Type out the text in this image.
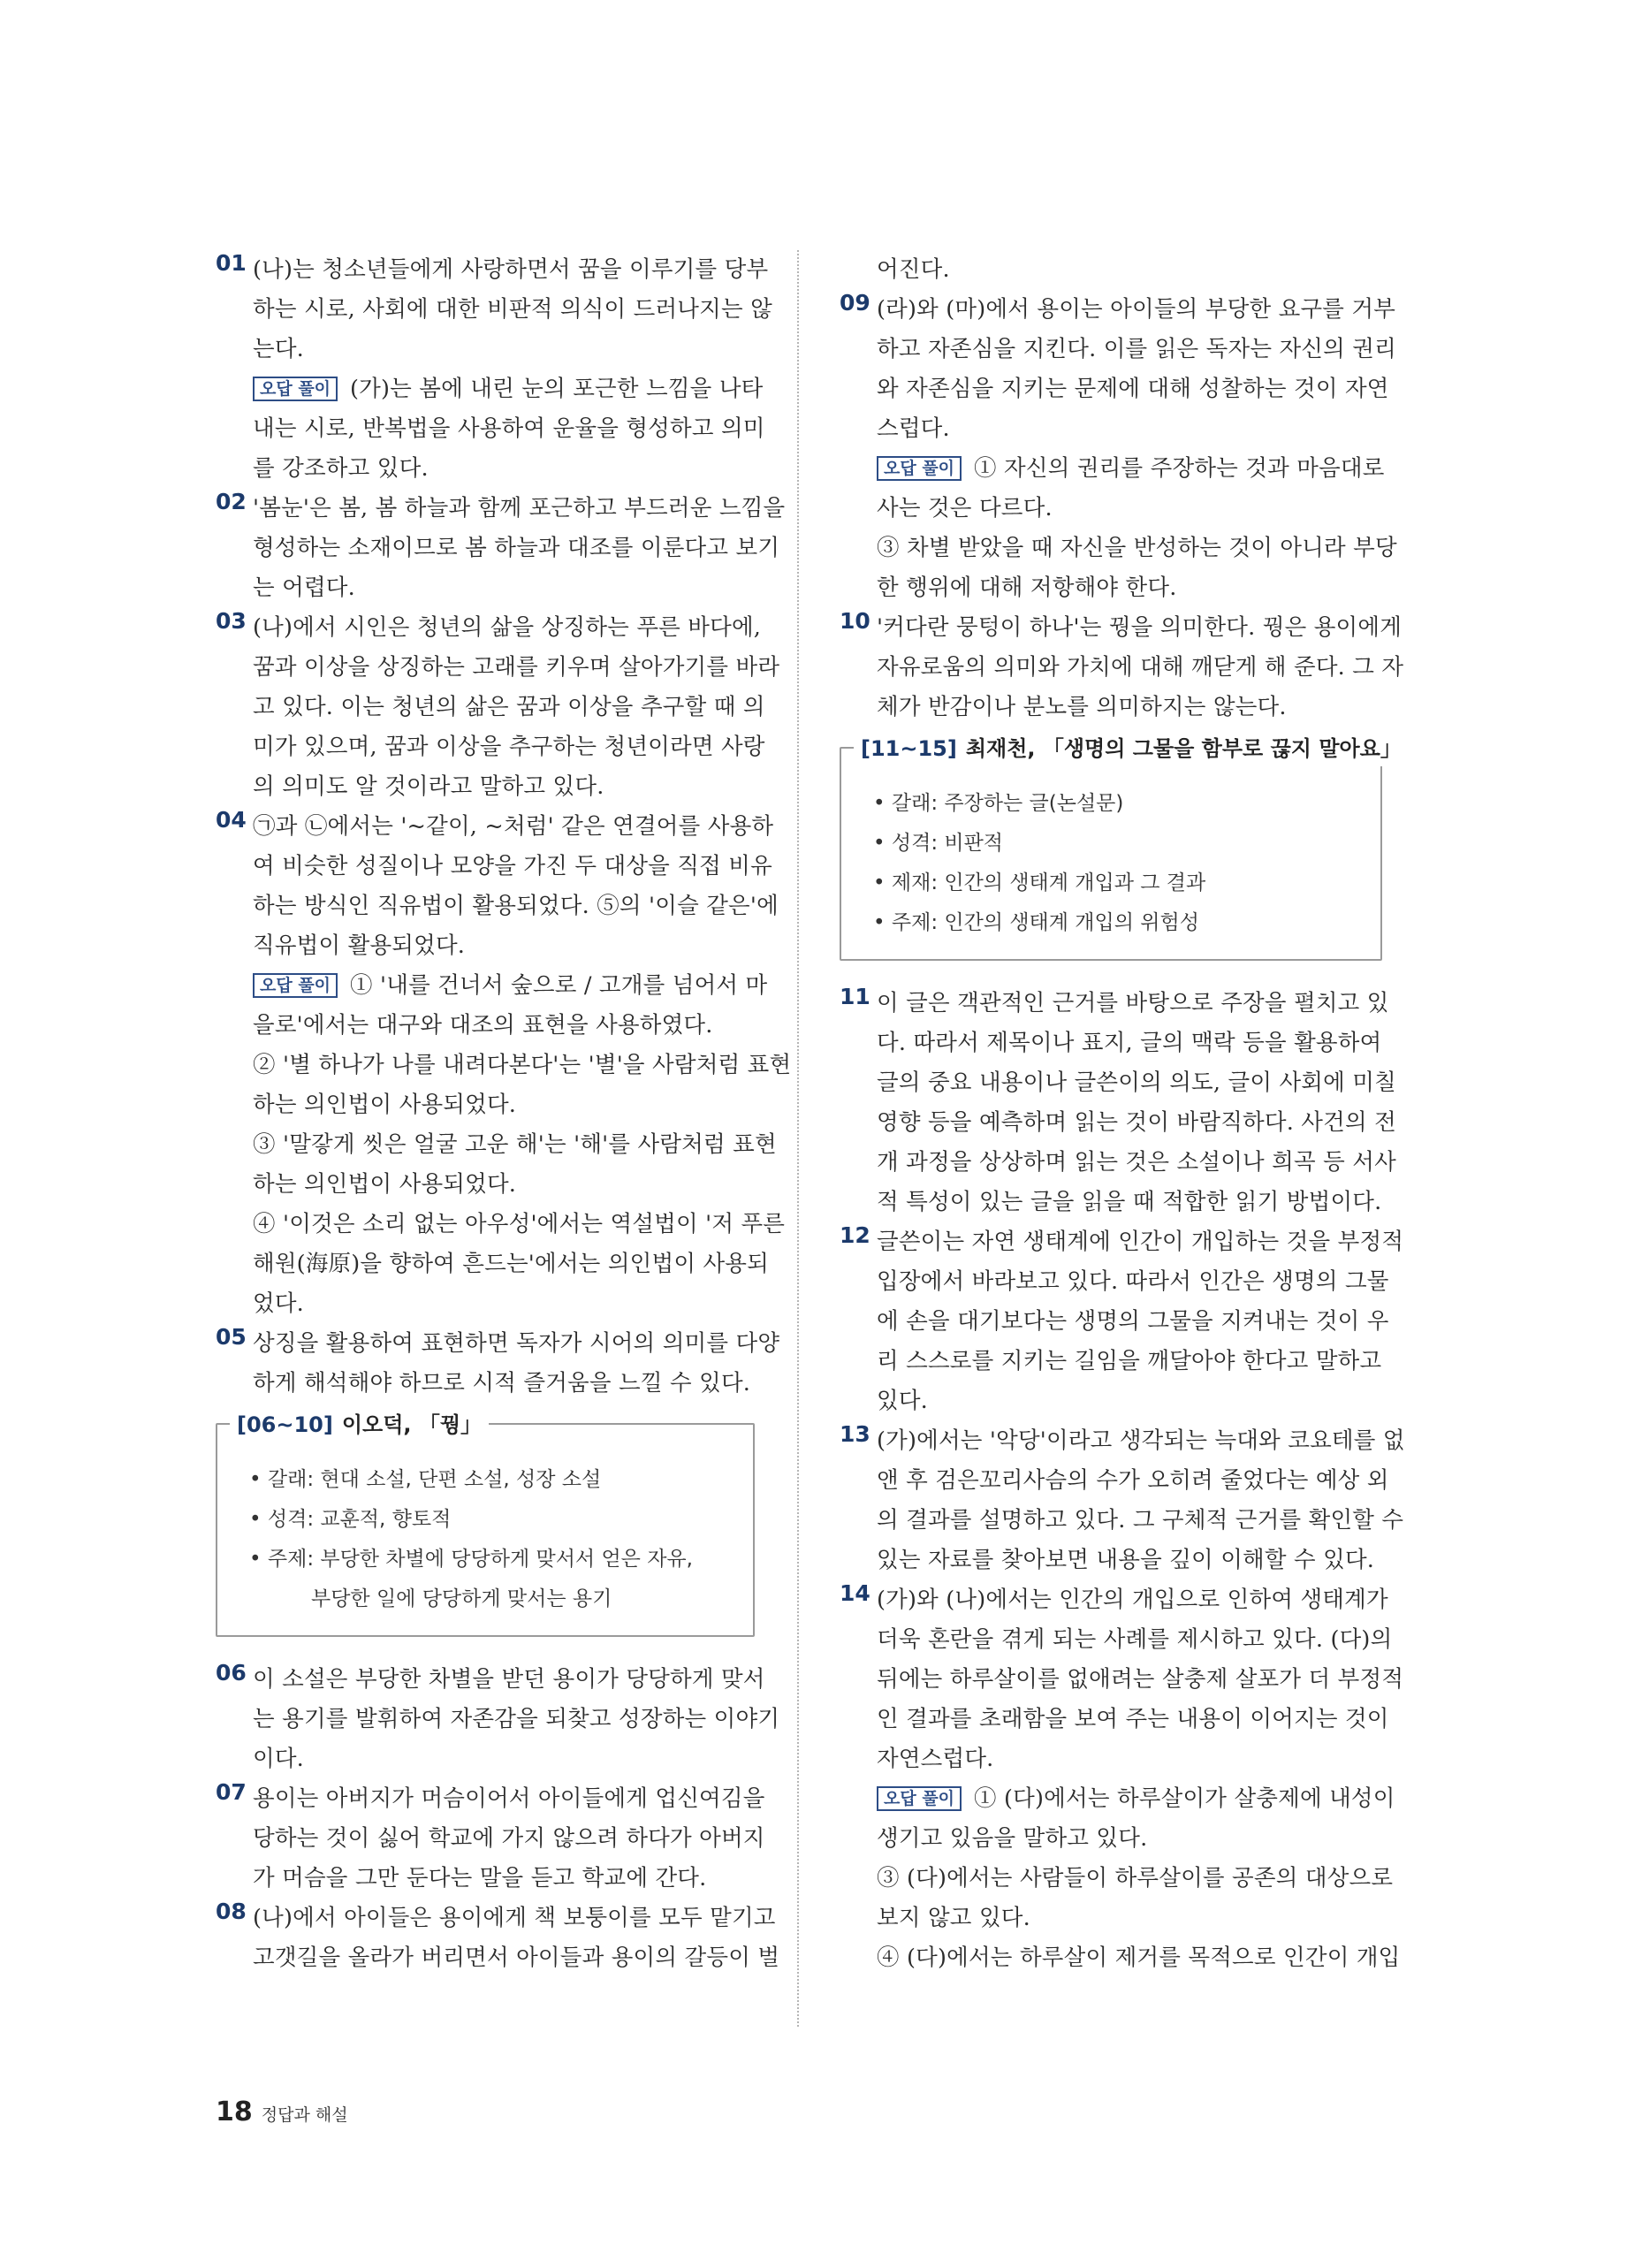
01 (나)는 청소년들에게 사랑하면서 꿈을 이루기를 당부
하는 시로, 사회에 대한 비판적 의식이 드러나지는 않
는다.
오답 풀이 (가)는 봄에 내린 눈의 포근한 느낌을 나타
내는 시로, 반복법을 사용하여 운율을 형성하고 의미
를 강조하고 있다.
02 '봄눈'은 봄, 봄 하늘과 함께 포근하고 부드러운 느낌을
형성하는 소재이므로 봄 하늘과 대조를 이룬다고 보기
는 어렵다.
03 (나)에서 시인은 청년의 삶을 상징하는 푸른 바다에,
꿈과 이상을 상징하는 고래를 키우며 살아가기를 바라
고 있다. 이는 청년의 삶은 꿈과 이상을 추구할 때 의
미가 있으며, 꿈과 이상을 추구하는 청년이라면 사랑
의 의미도 알 것이라고 말하고 있다.
04 ㉠과 ㉡에서는 '~같이, ~처럼' 같은 연결어를 사용하
여 비슷한 성질이나 모양을 가진 두 대상을 직접 비유
하는 방식인 직유법이 활용되었다. ⑤의 '이슬 같은'에
직유법이 활용되었다.
오답 풀이 ① '내를 건너서 숲으로 / 고개를 넘어서 마
을로'에서는 대구와 대조의 표현을 사용하였다.
② '별 하나가 나를 내려다본다'는 '별'을 사람처럼 표현
하는 의인법이 사용되었다.
③ '말갛게 씻은 얼굴 고운 해'는 '해'를 사람처럼 표현
하는 의인법이 사용되었다.
④ '이것은 소리 없는 아우성'에서는 역설법이 '저 푸른
해원(海原)을 향하여 흔드는'에서는 의인법이 사용되
었다.
05 상징을 활용하여 표현하면 독자가 시어의 의미를 다양
하게 해석해야 하므로 시적 즐거움을 느낄 수 있다.
[06~10] 이오덕, 「꿩」
• 갈래: 현대 소설, 단편 소설, 성장 소설
• 성격: 교훈적, 향토적
• 주제: 부당한 차별에 당당하게 맞서서 얻은 자유,
부당한 일에 당당하게 맞서는 용기
06 이 소설은 부당한 차별을 받던 용이가 당당하게 맞서
는 용기를 발휘하여 자존감을 되찾고 성장하는 이야기
이다.
07 용이는 아버지가 머슴이어서 아이들에게 업신여김을
당하는 것이 싫어 학교에 가지 않으려 하다가 아버지
가 머슴을 그만 둔다는 말을 듣고 학교에 간다.
08 (나)에서 아이들은 용이에게 책 보퉁이를 모두 맡기고
고갯길을 올라가 버리면서 아이들과 용이의 갈등이 벌
어진다.
09 (라)와 (마)에서 용이는 아이들의 부당한 요구를 거부
하고 자존심을 지킨다. 이를 읽은 독자는 자신의 권리
와 자존심을 지키는 문제에 대해 성찰하는 것이 자연
스럽다.
오답 풀이 ① 자신의 권리를 주장하는 것과 마음대로
사는 것은 다르다.
③ 차별 받았을 때 자신을 반성하는 것이 아니라 부당
한 행위에 대해 저항해야 한다.
10 '커다란 뭉텅이 하나'는 꿩을 의미한다. 꿩은 용이에게
자유로움의 의미와 가치에 대해 깨닫게 해 준다. 그 자
체가 반감이나 분노를 의미하지는 않는다.
[11~15] 최재천, 「생명의 그물을 함부로 끊지 말아요」
• 갈래: 주장하는 글(논설문)
• 성격: 비판적
• 제재: 인간의 생태계 개입과 그 결과
• 주제: 인간의 생태계 개입의 위험성
11 이 글은 객관적인 근거를 바탕으로 주장을 펼치고 있
다. 따라서 제목이나 표지, 글의 맥락 등을 활용하여
글의 중요 내용이나 글쓴이의 의도, 글이 사회에 미칠
영향 등을 예측하며 읽는 것이 바람직하다. 사건의 전
개 과정을 상상하며 읽는 것은 소설이나 희곡 등 서사
적 특성이 있는 글을 읽을 때 적합한 읽기 방법이다.
12 글쓴이는 자연 생태계에 인간이 개입하는 것을 부정적
입장에서 바라보고 있다. 따라서 인간은 생명의 그물
에 손을 대기보다는 생명의 그물을 지켜내는 것이 우
리 스스로를 지키는 길임을 깨달아야 한다고 말하고
있다.
13 (가)에서는 '악당'이라고 생각되는 늑대와 코요테를 없
앤 후 검은꼬리사슴의 수가 오히려 줄었다는 예상 외
의 결과를 설명하고 있다. 그 구체적 근거를 확인할 수
있는 자료를 찾아보면 내용을 깊이 이해할 수 있다.
14 (가)와 (나)에서는 인간의 개입으로 인하여 생태계가
더욱 혼란을 겪게 되는 사례를 제시하고 있다. (다)의
뒤에는 하루살이를 없애려는 살충제 살포가 더 부정적
인 결과를 초래함을 보여 주는 내용이 이어지는 것이
자연스럽다.
오답 풀이 ① (다)에서는 하루살이가 살충제에 내성이
생기고 있음을 말하고 있다.
③ (다)에서는 사람들이 하루살이를 공존의 대상으로
보지 않고 있다.
④ (다)에서는 하루살이 제거를 목적으로 인간이 개입
18 정답과 해설
